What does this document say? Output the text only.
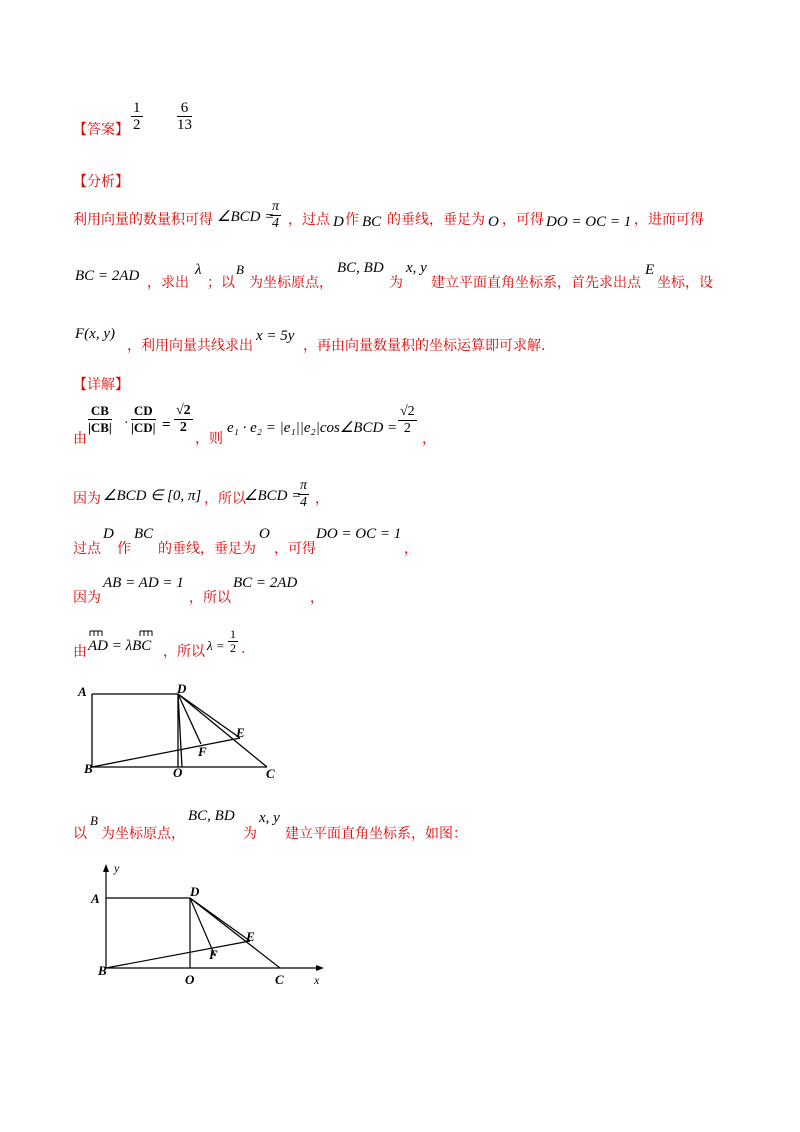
【答案】 $\frac{1}{2} \frac{6}{13}$
【分析】
利用向量的数量积可得 ∠BCD =
$\frac{\pi}{4}$ ，过点 D 作 BC 的垂线，垂足为 O ，可得 DO = OC = 1 ，进而可得
BC = 2AD ，求出
λ
；以
B
为坐标原点，
BC, BD
为
x, y
建立平面直角坐标系，首先求出点
E
坐标，设
F(x, y)
，利用向量共线求出
x = 5y
，再由向量数量积的坐标运算即可求解.
【详解】
由
$\frac{CB}{|CB|} \cdot \frac{CD}{|CD|} = \frac{√2}{2}$
，则
e₁ · e₂ = |e₁||e₂|cos∠BCD = $\frac{√2}{2}$
，
因为 ∠BCD ∈ [0, π] ，所以
∠BCD =
$\frac{\pi}{4}$ ，
过点
D
作
BC
的垂线，垂足为
O
，可得
DO = OC = 1
，
因为
AB = AD = 1
，所以
BC = 2AD
，
由 AD = λBC ，所以 $\lambda = \frac{1}{2}$ .
A	D
E
F
B	O	C
以
B
为坐标原点，
BC, BD
为
x, y
建立平面直角坐标系，如图：
y
A	D
E
F
B
O	C	x
